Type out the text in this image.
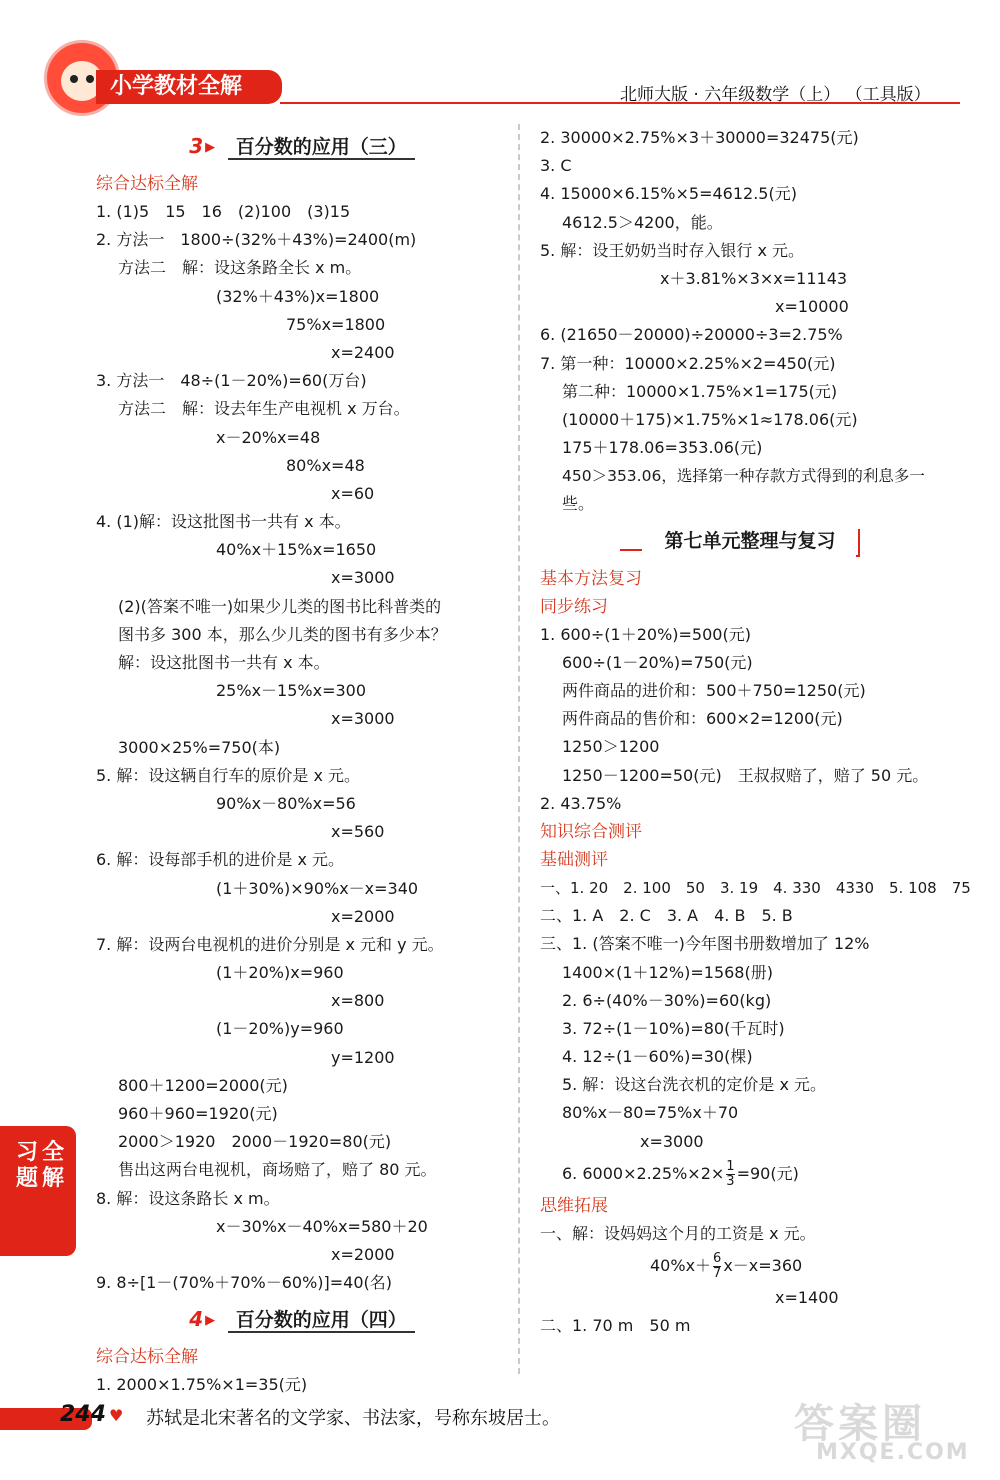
小学教材全解	北师大版 · 六年级数学（上） （工具版）
3 ▶ 百分数的应用（三）
综合达标全解
1. (1)5　15　16　(2)100　(3)15
2. 方法一　1800÷(32%＋43%)=2400(m)
方法二　解：设这条路全长 x m。
(32%＋43%)x=1800
75%x=1800
x=2400
3. 方法一　48÷(1－20%)=60(万台)
方法二　解：设去年生产电视机 x 万台。
x－20%x=48
80%x=48
x=60
4. (1)解：设这批图书一共有 x 本。
40%x＋15%x=1650
x=3000
(2)(答案不唯一)如果少儿类的图书比科普类的
图书多 300 本，那么少儿类的图书有多少本？
解：设这批图书一共有 x 本。
25%x－15%x=300
x=3000
3000×25%=750(本)
5. 解：设这辆自行车的原价是 x 元。
90%x－80%x=56
x=560
6. 解：设每部手机的进价是 x 元。
(1＋30%)×90%x－x=340
x=2000
7. 解：设两台电视机的进价分别是 x 元和 y 元。
(1＋20%)x=960
x=800
(1－20%)y=960
y=1200
800＋1200=2000(元)
960＋960=1920(元)
2000＞1920　2000－1920=80(元)
售出这两台电视机，商场赔了，赔了 80 元。
8. 解：设这条路长 x m。
x－30%x－40%x=580＋20
x=2000
9. 8÷[1－(70%＋70%－60%)]=40(名)
4 ▶ 百分数的应用（四）
综合达标全解
1. 2000×1.75%×1=35(元)
2. 30000×2.75%×3＋30000=32475(元)
3. C
4. 15000×6.15%×5=4612.5(元)
4612.5＞4200，能。
5. 解：设王奶奶当时存入银行 x 元。
x＋3.81%×3×x=11143
x=10000
6. (21650－20000)÷20000÷3=2.75%
7. 第一种：10000×2.25%×2=450(元)
第二种：10000×1.75%×1=175(元)
(10000＋175)×1.75%×1≈178.06(元)
175＋178.06=353.06(元)
450＞353.06，选择第一种存款方式得到的利息多一
些。
第七单元整理与复习
基本方法复习
同步练习
1. 600÷(1＋20%)=500(元)
600÷(1－20%)=750(元)
两件商品的进价和：500＋750=1250(元)
两件商品的售价和：600×2=1200(元)
1250＞1200
1250－1200=50(元)　王叔叔赔了，赔了 50 元。
2. 43.75%
知识综合测评
基础测评
一、1. 20　2. 100　50　3. 19　4. 330　4330　5. 108　75
二、1. A　2. C　3. A　4. B　5. B
三、1. (答案不唯一)今年图书册数增加了 12%
1400×(1＋12%)=1568(册)
2. 6÷(40%－30%)=60(kg)
3. 72÷(1－10%)=80(千瓦时)
4. 12÷(1－60%)=30(棵)
5. 解：设这台洗衣机的定价是 x 元。
80%x－80=75%x＋70
x=3000
6. $6000\times 2.25\%\times 2\times \frac{1}{3} =90$(元)
思维拓展
一、解：设妈妈这个月的工资是 x 元。
$40\%x+ \frac{6}{7} x-x=360$
x=1400
二、1. 70 m　50 m
习题
全解
244 ♥	苏轼是北宋著名的文学家、书法家，号称东坡居士。	答案圈
MXQE.COM
